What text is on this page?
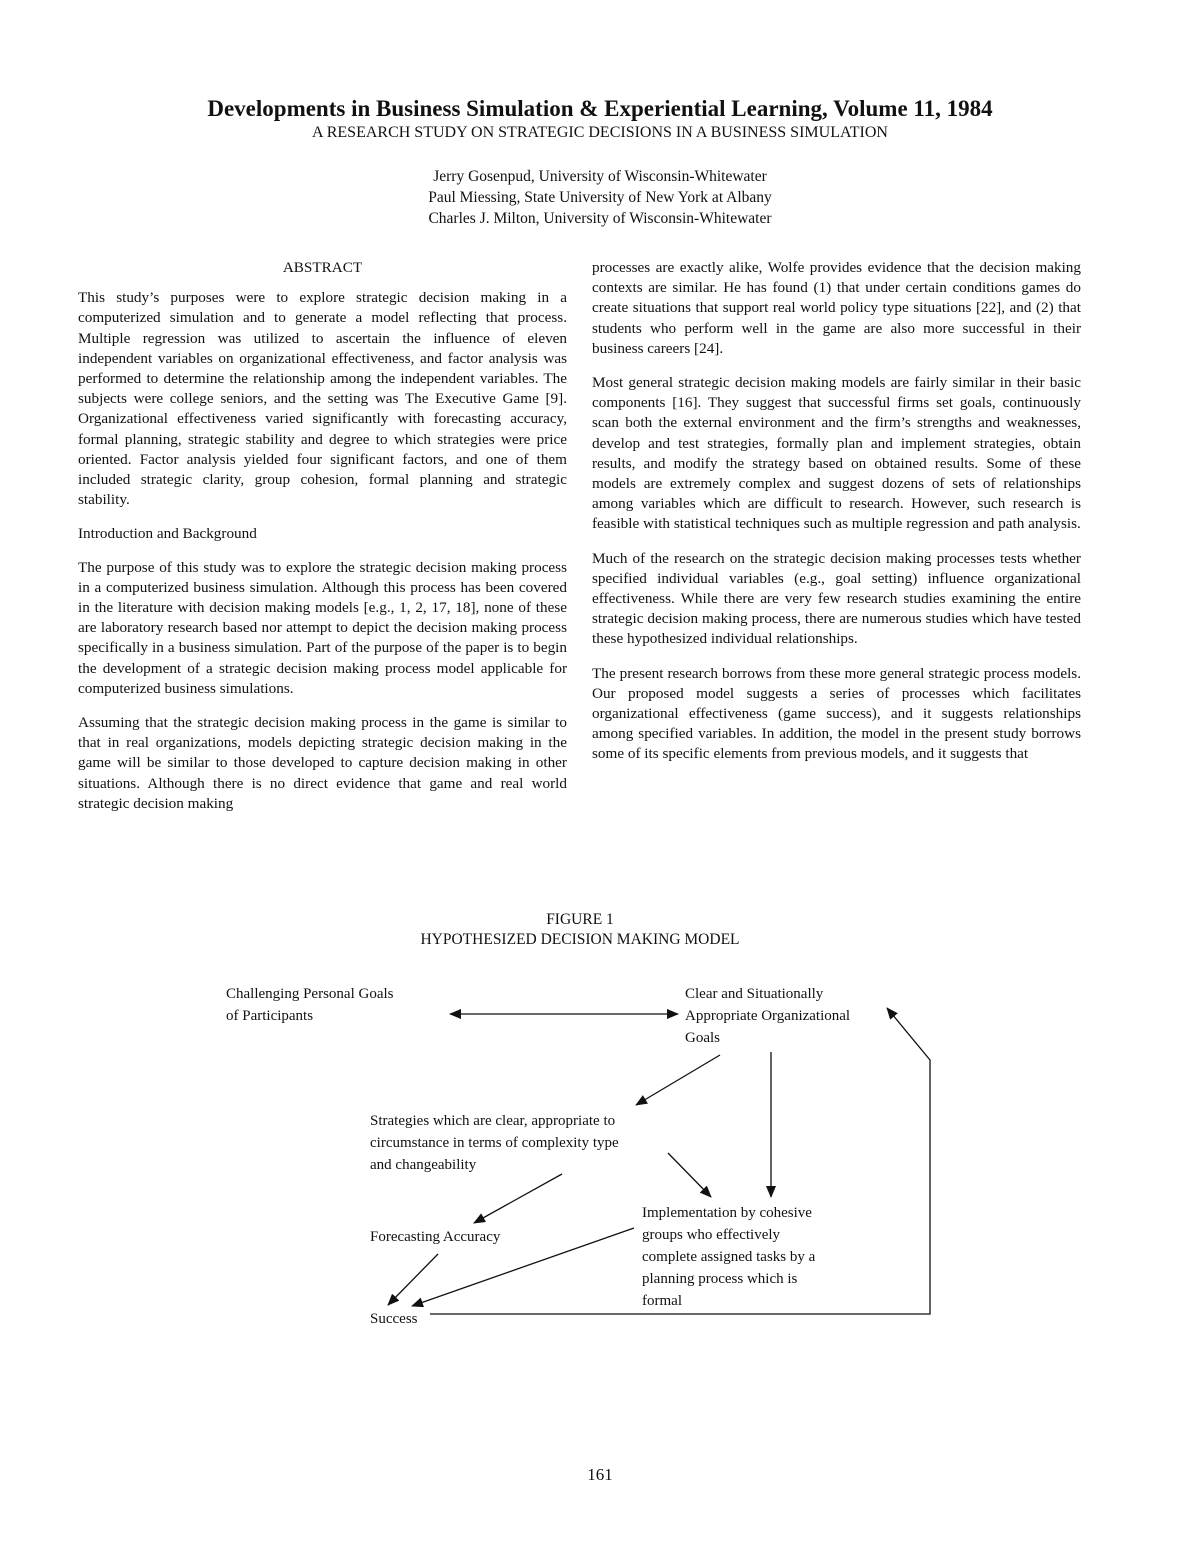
Developments in Business Simulation & Experiential Learning, Volume 11, 1984
A RESEARCH STUDY ON STRATEGIC DECISIONS IN A BUSINESS SIMULATION
Jerry Gosenpud, University of Wisconsin-Whitewater
Paul Miessing, State University of New York at Albany
Charles J. Milton, University of Wisconsin-Whitewater
ABSTRACT

This study’s purposes were to explore strategic decision making in a computerized simulation and to generate a model reflecting that process. Multiple regression was utilized to ascertain the influence of eleven independent variables on organizational effectiveness, and factor analysis was performed to determine the relationship among the independent variables. The subjects were college seniors, and the setting was The Executive Game [9]. Organizational effectiveness varied significantly with forecasting accuracy, formal planning, strategic stability and degree to which strategies were price oriented. Factor analysis yielded four significant factors, and one of them included strategic clarity, group cohesion, formal planning and strategic stability.

Introduction and Background

The purpose of this study was to explore the strategic decision making process in a computerized business simulation. Although this process has been covered in the literature with decision making models [e.g., 1, 2, 17, 18], none of these are laboratory research based nor attempt to depict the decision making process specifically in a business simulation. Part of the purpose of the paper is to begin the development of a strategic decision making process model applicable for computerized business simulations.

Assuming that the strategic decision making process in the game is similar to that in real organizations, models depicting strategic decision making in the game will be similar to those developed to capture decision making in other situations. Although there is no direct evidence that game and real world strategic decision making

processes are exactly alike, Wolfe provides evidence that the decision making contexts are similar. He has found (1) that under certain conditions games do create situations that support real world policy type situations [22], and (2) that students who perform well in the game are also more successful in their business careers [24].

Most general strategic decision making models are fairly similar in their basic components [16]. They suggest that successful firms set goals, continuously scan both the external environment and the firm’s strengths and weaknesses, develop and test strategies, formally plan and implement strategies, obtain results, and modify the strategy based on obtained results. Some of these models are extremely complex and suggest dozens of sets of relationships among variables which are difficult to research. However, such research is feasible with statistical techniques such as multiple regression and path analysis.

Much of the research on the strategic decision making processes tests whether specified individual variables (e.g., goal setting) influence organizational effectiveness. While there are very few research studies examining the entire strategic decision making process, there are numerous studies which have tested these hypothesized individual relationships.

The present research borrows from these more general strategic process models. Our proposed model suggests a series of processes which facilitates organizational effectiveness (game success), and it suggests relationships among specified variables. In addition, the model in the present study borrows some of its specific elements from previous models, and it suggests that

FIGURE 1
HYPOTHESIZED DECISION MAKING MODEL
Challenging Personal Goals
of Participants
Clear and Situationally
Appropriate Organizational
Goals
Strategies which are clear, appropriate to
circumstance in terms of complexity type
and changeability
Forecasting Accuracy
Implementation by cohesive
groups who effectively
complete assigned tasks by a
planning process which is
formal
Success
161
